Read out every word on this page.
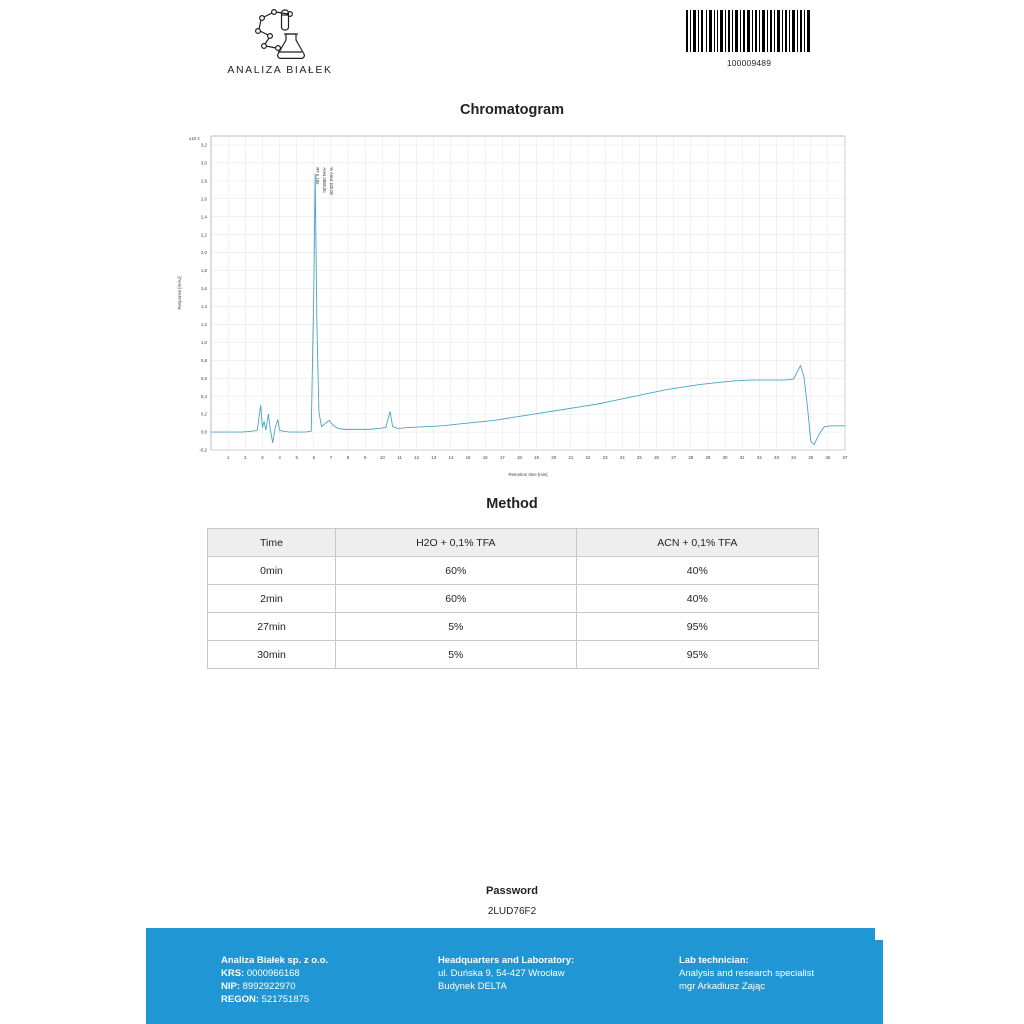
ANALIZA BIAŁEK
100009489
Chromatogram
1	2	3	4	5	6	7	8	9	10	11	12	13	14	15	16	17	18	19	20	21	22	23	24	25	26	27	28	29	30	31	32	33	34	35	36	37
-0,2
0,0
0,2
0,4
0,6
0,8
1,0
1,2
1,4
1,6
1,8
2,0
2,2
2,4
2,6
2,8
3,0
3,2
x10 2
Response [mAU]
Retention time [min]
RT 6,105 Area 2868,00 % Area 100,00
Method
Time	H2O + 0,1% TFA	ACN + 0,1% TFA
0min	60%	40%
2min	60%	40%
27min	5%	95%
30min	5%	95%
Password
2LUD76F2
Analiza Białek sp. z o.o.
KRS: 0000966168
NIP: 8992922970
REGON: 521751875
Headquarters and Laboratory:
ul. Duńska 9, 54-427 Wrocław
Budynek DELTA
Lab technician:
Analysis and research specialist
mgr Arkadiusz Zając
